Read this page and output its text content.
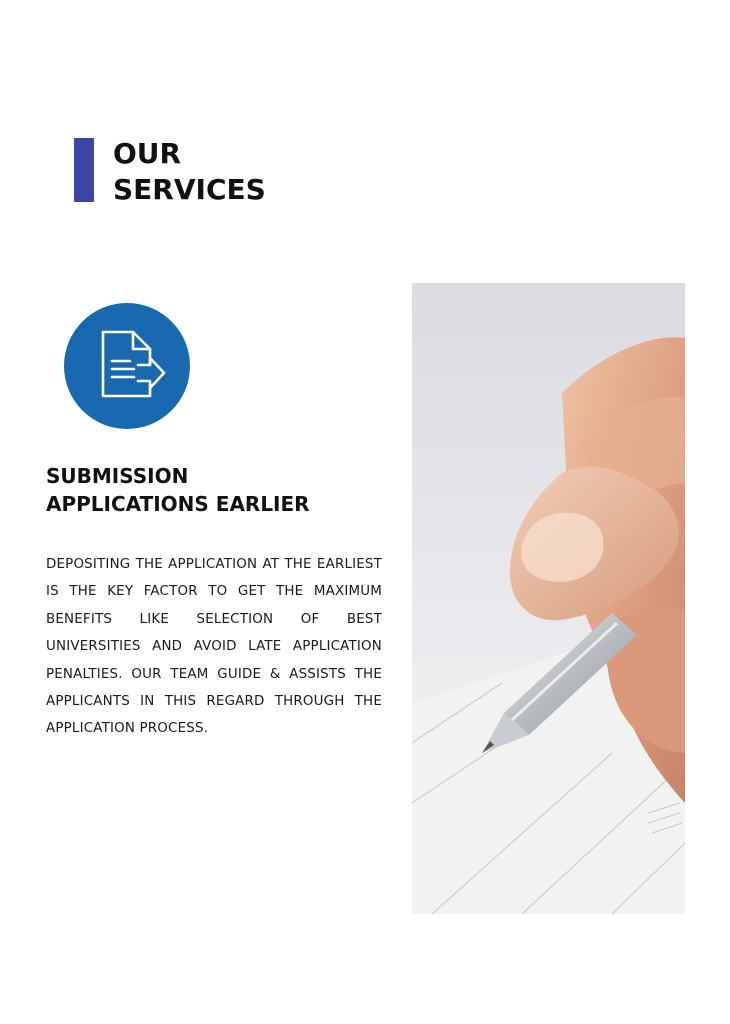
OUR
SERVICES
SUBMISSION
APPLICATIONS EARLIER

DEPOSITING THE APPLICATION AT THE EARLIEST IS THE KEY FACTOR TO GET THE MAXIMUM BENEFITS LIKE SELECTION OF BEST UNIVERSITIES AND AVOID LATE APPLICATION PENALTIES. OUR TEAM GUIDE & ASSISTS THE APPLICANTS IN THIS REGARD THROUGH THE APPLICATION PROCESS.
